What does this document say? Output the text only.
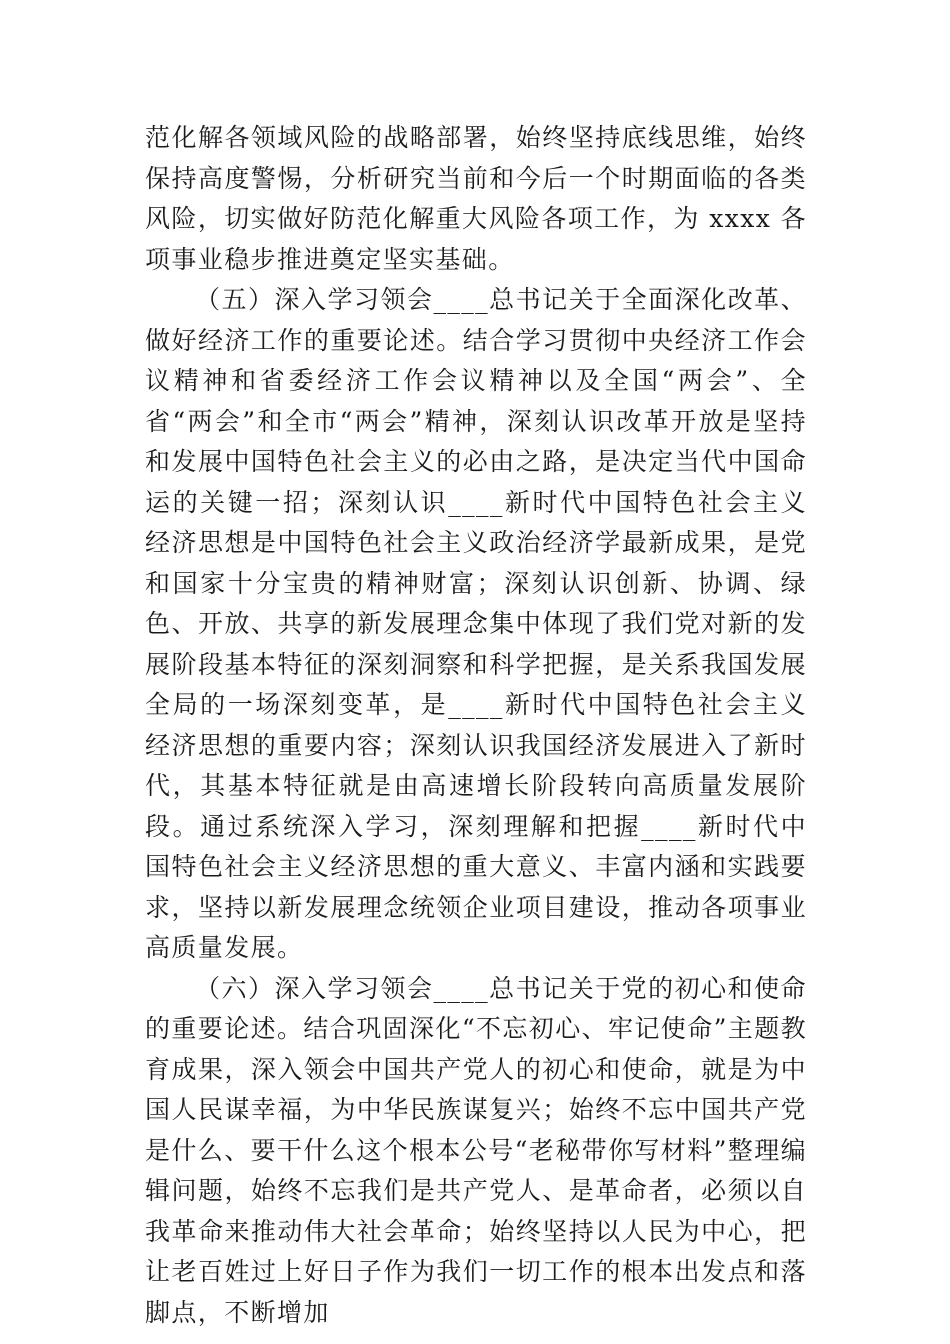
范化解各领域风险的战略部署，始终坚持底线思维，始终保持高度警惕，分析研究当前和今后一个时期面临的各类风险，切实做好防范化解重大风险各项工作，为 xxxx 各项事业稳步推进奠定坚实基础。

（五）深入学习领会____总书记关于全面深化改革、做好经济工作的重要论述。结合学习贯彻中央经济工作会议精神和省委经济工作会议精神以及全国“两会”、全省“两会”和全市“两会”精神，深刻认识改革开放是坚持和发展中国特色社会主义的必由之路，是决定当代中国命运的关键一招；深刻认识____新时代中国特色社会主义经济思想是中国特色社会主义政治经济学最新成果，是党和国家十分宝贵的精神财富；深刻认识创新、协调、绿色、开放、共享的新发展理念集中体现了我们党对新的发展阶段基本特征的深刻洞察和科学把握，是关系我国发展全局的一场深刻变革，是____新时代中国特色社会主义经济思想的重要内容；深刻认识我国经济发展进入了新时代，其基本特征就是由高速增长阶段转向高质量发展阶段。通过系统深入学习，深刻理解和把握____新时代中国特色社会主义经济思想的重大意义、丰富内涵和实践要求，坚持以新发展理念统领企业项目建设，推动各项事业高质量发展。

（六）深入学习领会____总书记关于党的初心和使命的重要论述。结合巩固深化“不忘初心、牢记使命”主题教育成果，深入领会中国共产党人的初心和使命，就是为中国人民谋幸福，为中华民族谋复兴；始终不忘中国共产党是什么、要干什么这个根本公号“老秘带你写材料”整理编辑问题，始终不忘我们是共产党人、是革命者，必须以自我革命来推动伟大社会革命；始终坚持以人民为中心，把让老百姓过上好日子作为我们一切工作的根本出发点和落脚点，不断增加
